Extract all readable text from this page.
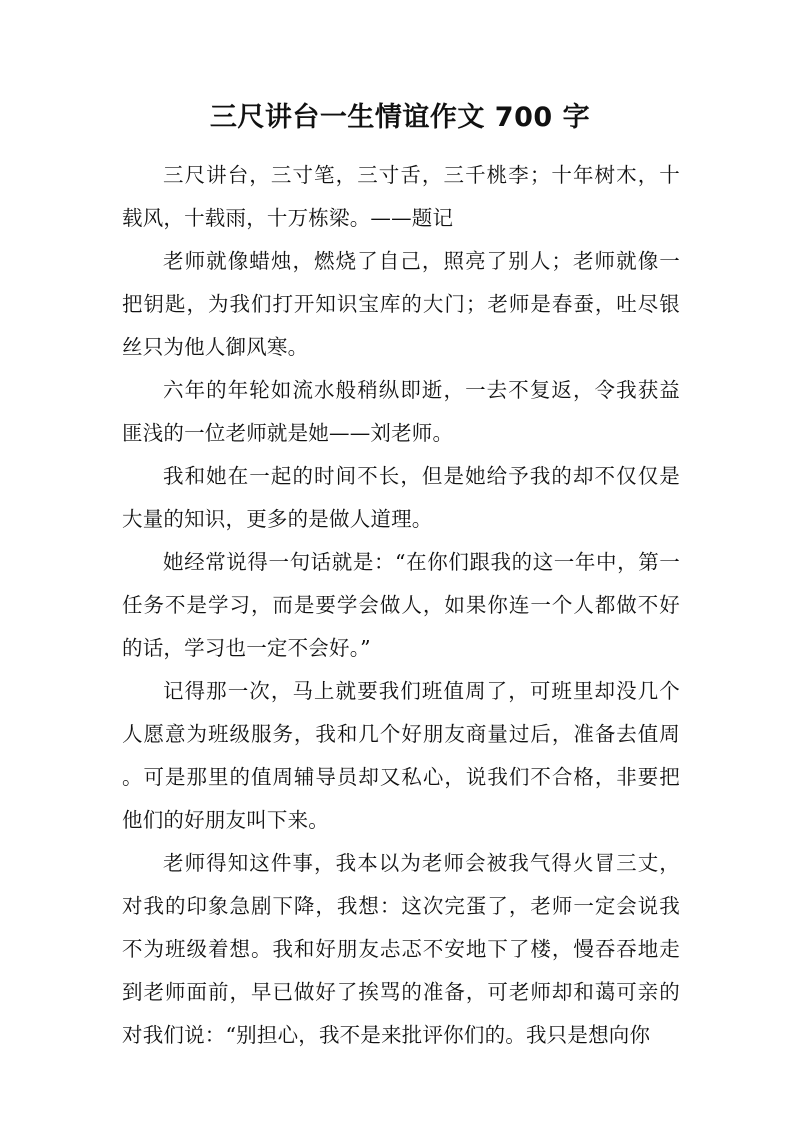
三尺讲台一生情谊作文 700 字

三尺讲台，三寸笔，三寸舌，三千桃李；十年树木，十载风，十载雨，十万栋梁。——题记

老师就像蜡烛，燃烧了自己，照亮了别人；老师就像一把钥匙，为我们打开知识宝库的大门；老师是春蚕，吐尽银丝只为他人御风寒。

六年的年轮如流水般稍纵即逝，一去不复返，令我获益匪浅的一位老师就是她——刘老师。

我和她在一起的时间不长，但是她给予我的却不仅仅是大量的知识，更多的是做人道理。

她经常说得一句话就是：“在你们跟我的这一年中，第一任务不是学习，而是要学会做人，如果你连一个人都做不好的话，学习也一定不会好。”

记得那一次，马上就要我们班值周了，可班里却没几个人愿意为班级服务，我和几个好朋友商量过后，准备去值周。可是那里的值周辅导员却又私心，说我们不合格，非要把他们的好朋友叫下来。

老师得知这件事，我本以为老师会被我气得火冒三丈，对我的印象急剧下降，我想：这次完蛋了，老师一定会说我不为班级着想。我和好朋友忐忑不安地下了楼，慢吞吞地走到老师面前，早已做好了挨骂的准备，可老师却和蔼可亲的对我们说：“别担心，我不是来批评你们的。我只是想向你
